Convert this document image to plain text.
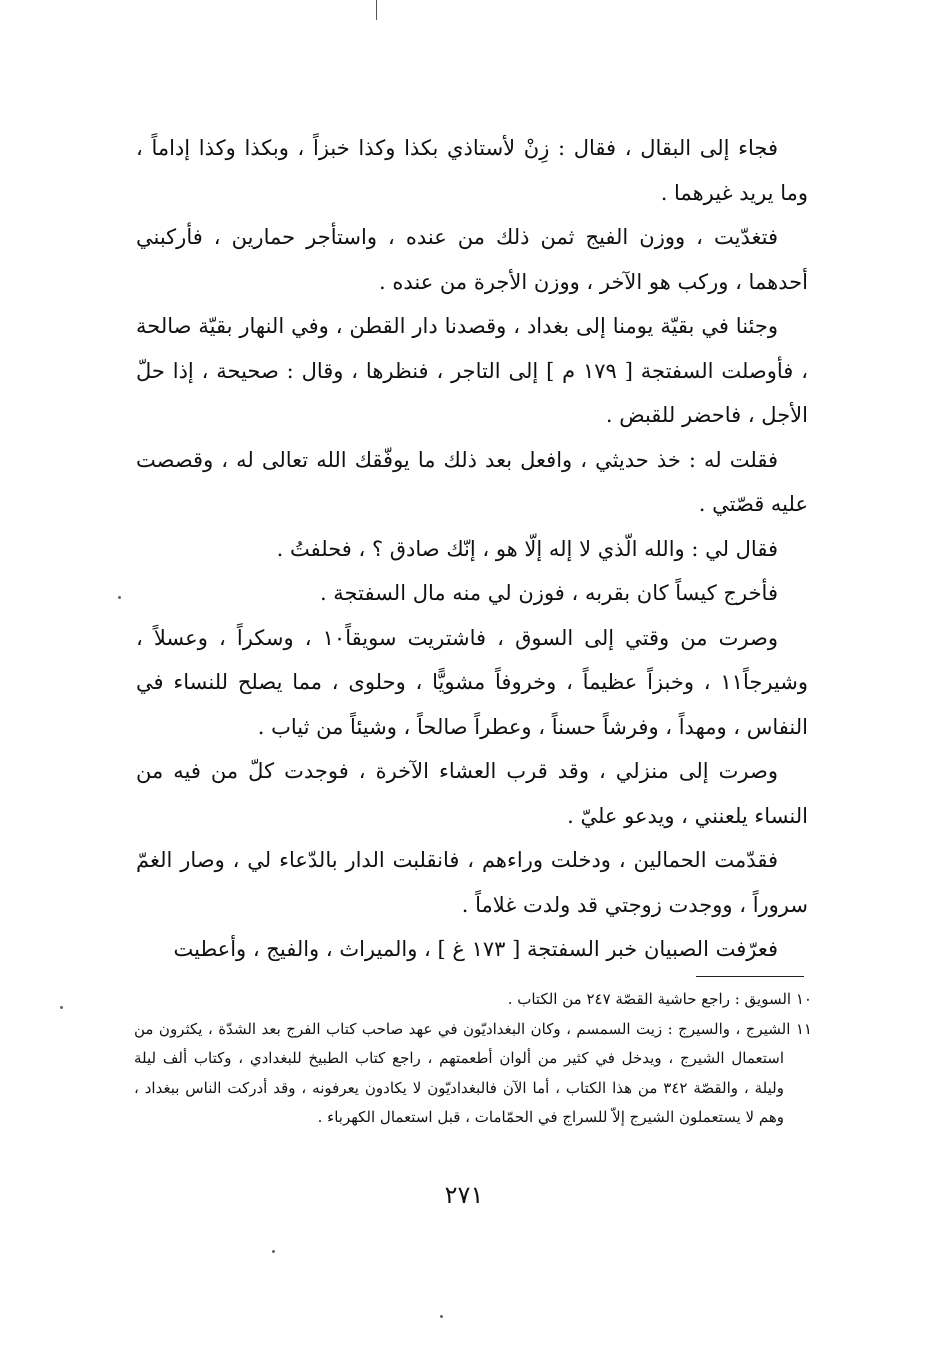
فجاء إلى البقال ، فقال : زِنْ لأستاذي بكذا وكذا خبزاً ، وبكذا وكذا إداماً ، وما يريد غيرهما .

فتغدّيت ، ووزن الفيج ثمن ذلك من عنده ، واستأجر حمارين ، فأركبني أحدهما ، وركب هو الآخر ، ووزن الأجرة من عنده .

وجئنا في بقيّة يومنا إلى بغداد ، وقصدنا دار القطن ، وفي النهار بقيّة صالحة ، فأوصلت السفتجة [ ١٧٩ م ] إلى التاجر ، فنظرها ، وقال : صحيحة ، إذا حلّ الأجل ، فاحضر للقبض .

فقلت له : خذ حديثي ، وافعل بعد ذلك ما يوفّقك الله تعالى له ، وقصصت عليه قصّتي .

فقال لي : والله الّذي لا إله إلّا هو ، إنّك صادق ؟ ، فحلفتُ .

فأخرج كيساً كان بقربه ، فوزن لي منه مال السفتجة .

وصرت من وقتي إلى السوق ، فاشتريت سويقاً١٠ ، وسكراً ، وعسلاً ، وشيرجاً١١ ، وخبزاً عظيماً ، وخروفاً مشويًّا ، وحلوى ، مما يصلح للنساء في النفاس ، ومهداً ، وفرشاً حسناً ، وعطراً صالحاً ، وشيئاً من ثياب .

وصرت إلى منزلي ، وقد قرب العشاء الآخرة ، فوجدت كلّ من فيه من النساء يلعنني ، ويدعو عليّ .

فقدّمت الحمالين ، ودخلت وراءهم ، فانقلبت الدار بالدّعاء لي ، وصار الغمّ سروراً ، ووجدت زوجتي قد ولدت غلاماً .

فعرّفت الصبيان خبر السفتجة [ ١٧٣ غ ] ، والميراث ، والفيج ، وأعطيت

١٠ السويق : راجع حاشية القصّة ٢٤٧ من الكتاب .

١١ الشيرج ، والسيرج : زيت السمسم ، وكان البغداديّون في عهد صاحب كتاب الفرج بعد الشدّة ، يكثرون من استعمال الشيرج ، ويدخل في كثير من ألوان أطعمتهم ، راجع كتاب الطبيخ للبغدادي ، وكتاب ألف ليلة وليلة ، والقصّة ٣٤٢ من هذا الكتاب ، أما الآن فالبغداديّون لا يكادون يعرفونه ، وقد أدركت الناس ببغداد ، وهم لا يستعملون الشيرج إلاّ للسراج في الحمّامات ، قبل استعمال الكهرباء .

٢٧١
